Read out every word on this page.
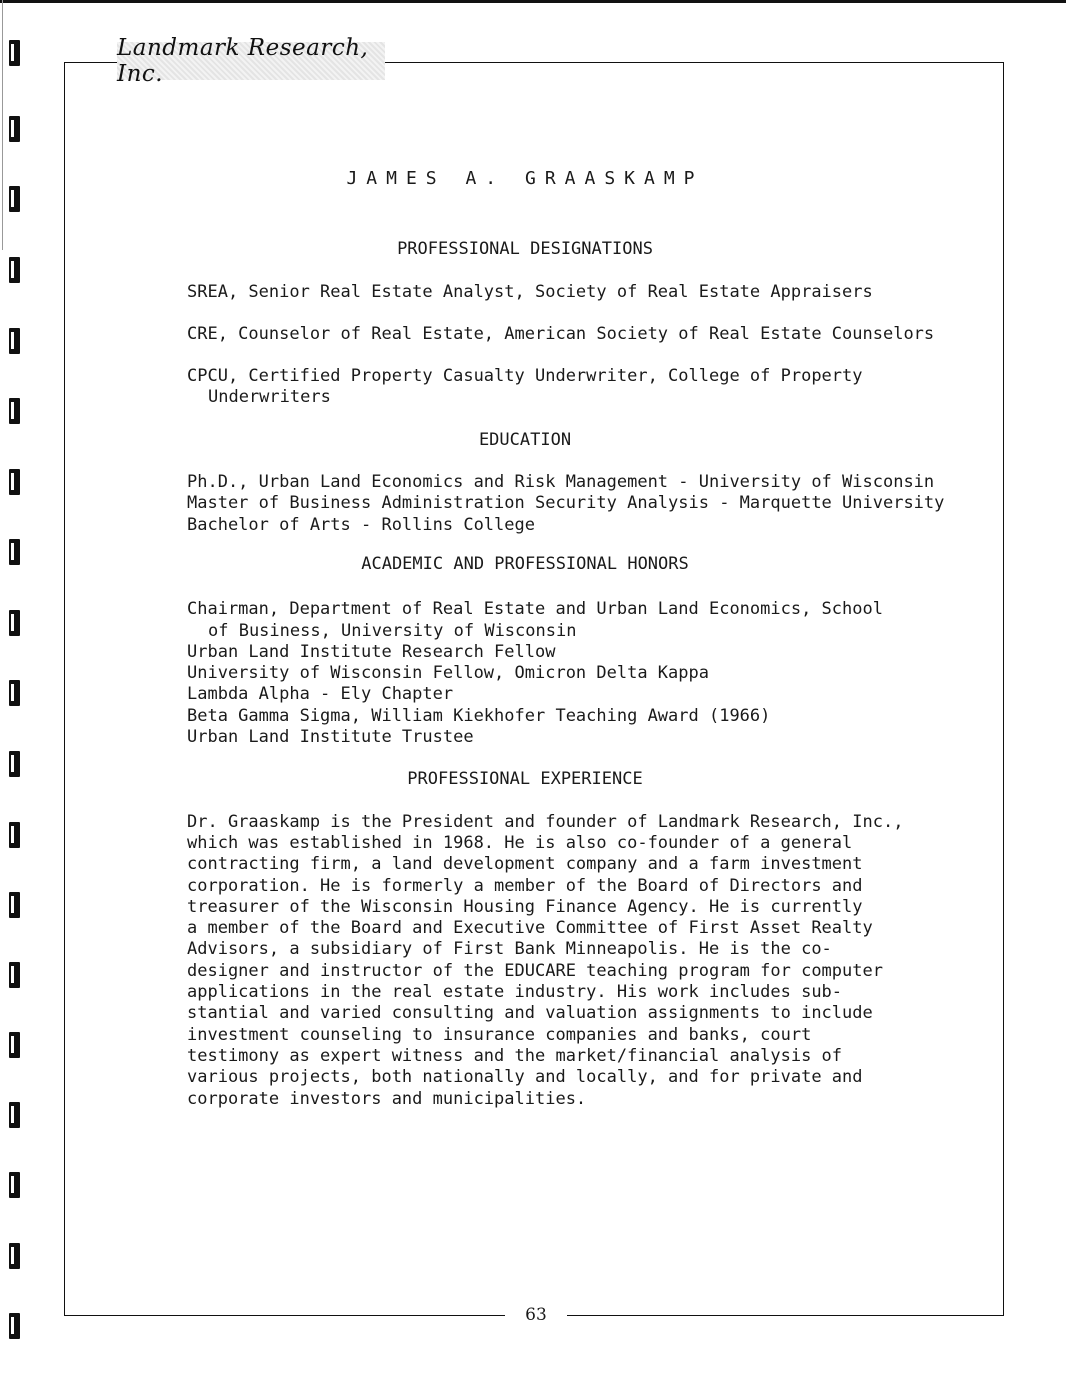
Landmark Research, Inc.
63
JAMES A. GRAASKAMP
PROFESSIONAL DESIGNATIONS
SREA, Senior Real Estate Analyst, Society of Real Estate Appraisers
CRE, Counselor of Real Estate, American Society of Real Estate Counselors
CPCU, Certified Property Casualty Underwriter, College of Property Underwriters
EDUCATION
Ph.D., Urban Land Economics and Risk Management - University of Wisconsin
Master of Business Administration Security Analysis - Marquette University
Bachelor of Arts - Rollins College
ACADEMIC AND PROFESSIONAL HONORS
Chairman, Department of Real Estate and Urban Land Economics, School of Business, University of Wisconsin
Urban Land Institute Research Fellow
University of Wisconsin Fellow, Omicron Delta Kappa
Lambda Alpha - Ely Chapter
Beta Gamma Sigma, William Kiekhofer Teaching Award (1966)
Urban Land Institute Trustee
PROFESSIONAL EXPERIENCE
Dr. Graaskamp is the President and founder of Landmark Research, Inc.,
which was established in 1968. He is also co-founder of a general
contracting firm, a land development company and a farm investment
corporation. He is formerly a member of the Board of Directors and
treasurer of the Wisconsin Housing Finance Agency. He is currently
a member of the Board and Executive Committee of First Asset Realty
Advisors, a subsidiary of First Bank Minneapolis. He is the co-
designer and instructor of the EDUCARE teaching program for computer
applications in the real estate industry. His work includes sub-
stantial and varied consulting and valuation assignments to include
investment counseling to insurance companies and banks, court
testimony as expert witness and the market/financial analysis of
various projects, both nationally and locally, and for private and
corporate investors and municipalities.
